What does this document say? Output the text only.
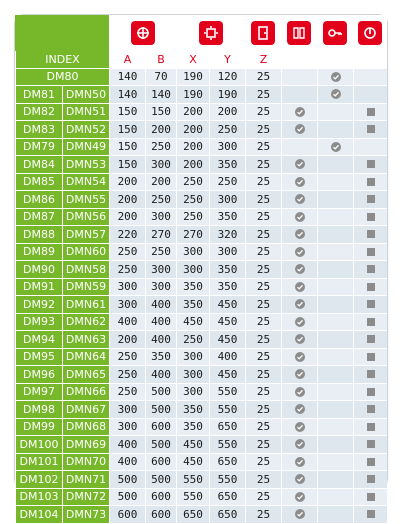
INDEX	A	B	X	Y	Z
DM80	140	70	190	120	25
DM81 DMN50	140	140	190	190	25
DM82 DMN51	150	150	200	200	25
DM83 DMN52	150	200	200	250	25
DM79 DMN49	150	250	200	300	25
DM84 DMN53	150	300	200	350	25
DM85 DMN54	200	200	250	250	25
DM86 DMN55	200	250	250	300	25
DM87 DMN56	200	300	250	350	25
DM88 DMN57	220	270	270	320	25
DM89 DMN60	250	250	300	300	25
DM90 DMN58	250	300	300	350	25
DM91 DMN59	300	300	350	350	25
DM92 DMN61	300	400	350	450	25
DM93 DMN62	400	400	450	450	25
DM94 DMN63	200	400	250	450	25
DM95 DMN64	250	350	300	400	25
DM96 DMN65	250	400	300	450	25
DM97 DMN66	250	500	300	550	25
DM98 DMN67	300	500	350	550	25
DM99 DMN68	300	600	350	650	25
DM100 DMN69	400	500	450	550	25
DM101 DMN70	400	600	450	650	25
DM102 DMN71	500	500	550	550	25
DM103 DMN72	500	600	550	650	25
DM104 DMN73	600	600	650	650	25
